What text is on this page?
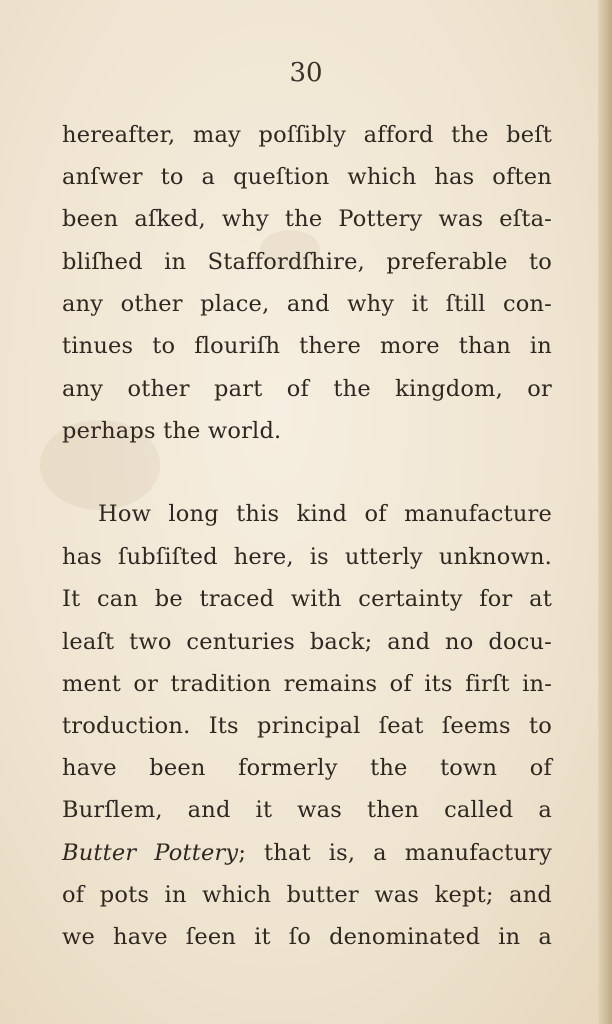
30
hereafter, may poſſibly afford the beſt
anſwer to a queſtion which has often
been aſked, why the Pottery was eſta-
bliſhed in Staffordſhire, preferable to
any other place, and why it ſtill con-
tinues to flouriſh there more than in
any other part of the kingdom, or
perhaps the world.
How long this kind of manufacture
has ſubſiſted here, is utterly unknown.
It can be traced with certainty for at
leaſt two centuries back; and no docu-
ment or tradition remains of its firſt in-
troduction. Its principal ſeat ſeems to
have been formerly the town of
Burſlem, and it was then called a
Butter Pottery; that is, a manufactury
of pots in which butter was kept; and
we have ſeen it ſo denominated in a
